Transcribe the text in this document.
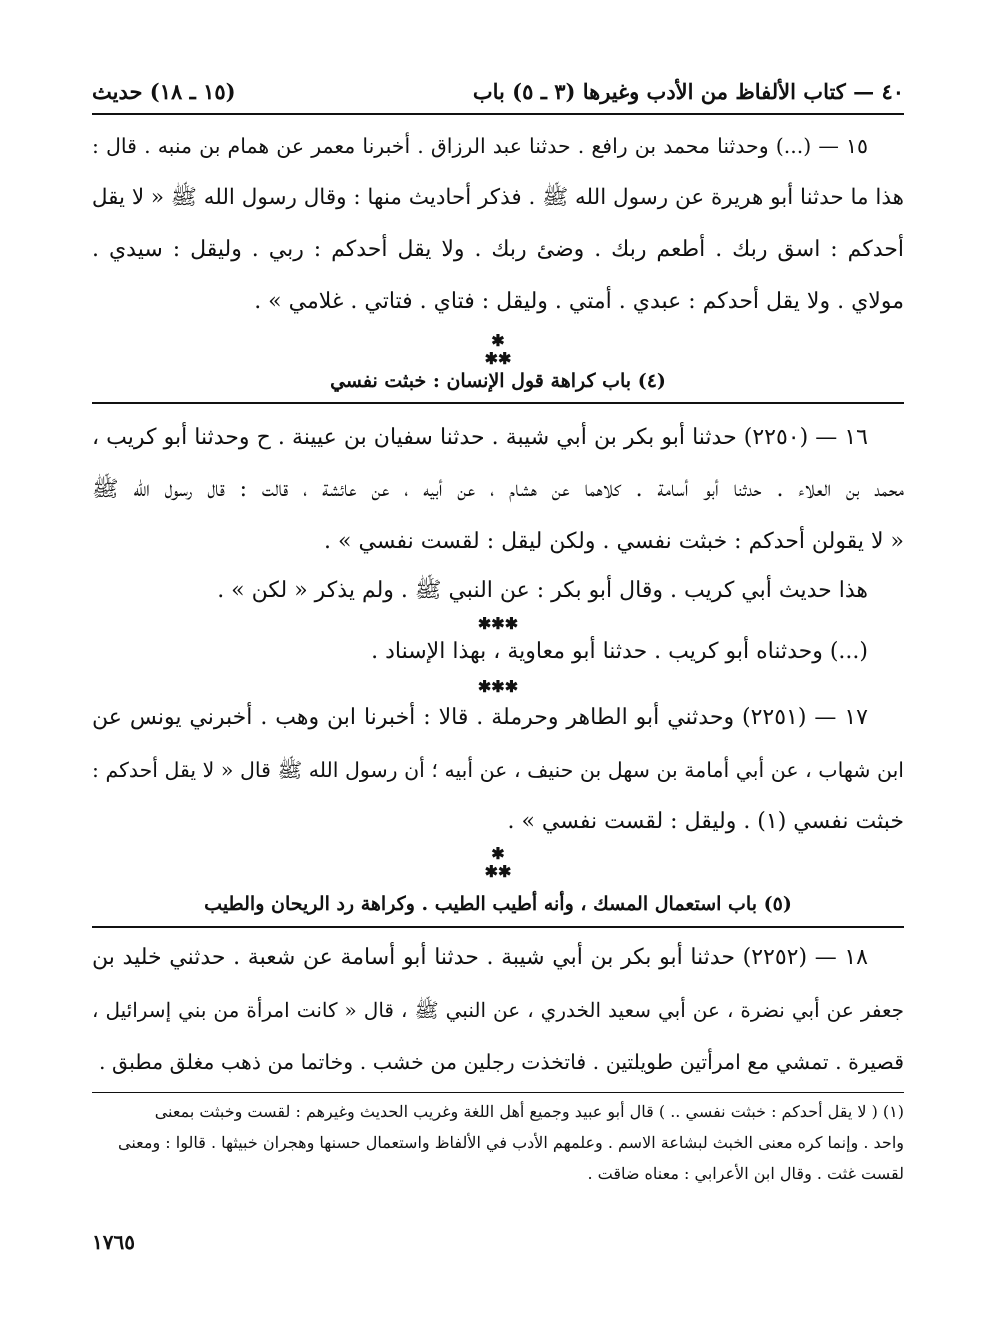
٤٠ — كتاب الألفاظ من الأدب وغيرها (٣ ـ ٥) باب
(١٥ ـ ١٨) حديث
١٥ — (...) وحدثنا محمد بن رافع . حدثنا عبد الرزاق . أخبرنا معمر عن همام بن منبه . قال :
هذا ما حدثنا أبو هريرة عن رسول الله ﷺ . فذكر أحاديث منها : وقال رسول الله ﷺ « لا يقل
أحدكم : اسق ربك . أطعم ربك . وضئ ربك . ولا يقل أحدكم : ربي . وليقل : سيدي .
مولاي . ولا يقل أحدكم : عبدي . أمتي . وليقل : فتاي . فتاتي . غلامي » .
✱
✱✱
(٤) باب كراهة قول الإنسان : خبثت نفسي
١٦ — (٢٢٥٠) حدثنا أبو بكر بن أبي شيبة . حدثنا سفيان بن عيينة . ح وحدثنا أبو كريب ،
محمد بن العلاء . حدثنا أبو أسامة . كلاهما عن هشام ، عن أبيه ، عن عائشة ، قالت : قال رسول الله ﷺ
« لا يقولن أحدكم : خبثت نفسي . ولكن ليقل : لقست نفسي » .
هذا حديث أبي كريب . وقال أبو بكر : عن النبي ﷺ . ولم يذكر « لكن » .
✱✱✱
(...) وحدثناه أبو كريب . حدثنا أبو معاوية ، بهذا الإسناد .
✱✱✱
١٧ — (٢٢٥١) وحدثني أبو الطاهر وحرملة . قالا : أخبرنا ابن وهب . أخبرني يونس عن
ابن شهاب ، عن أبي أمامة بن سهل بن حنيف ، عن أبيه ؛ أن رسول الله ﷺ قال « لا يقل أحدكم :
خبثت نفسي (١) . وليقل : لقست نفسي » .
✱
✱✱
(٥) باب استعمال المسك ، وأنه أطيب الطيب . وكراهة رد الريحان والطيب
١٨ — (٢٢٥٢) حدثنا أبو بكر بن أبي شيبة . حدثنا أبو أسامة عن شعبة . حدثني خليد بن
جعفر عن أبي نضرة ، عن أبي سعيد الخدري ، عن النبي ﷺ ، قال « كانت امرأة من بني إسرائيل ،
قصيرة . تمشي مع امرأتين طويلتين . فاتخذت رجلين من خشب . وخاتما من ذهب مغلق مطبق .
(١) ( لا يقل أحدكم : خبثت نفسي .. ) قال أبو عبيد وجميع أهل اللغة وغريب الحديث وغيرهم : لقست وخبثت بمعنى
واحد . وإنما كره معنى الخبث لبشاعة الاسم . وعلمهم الأدب في الألفاظ واستعمال حسنها وهجران خبيثها . قالوا : ومعنى
لقست غثت . وقال ابن الأعرابي : معناه ضاقت .
١٧٦٥
